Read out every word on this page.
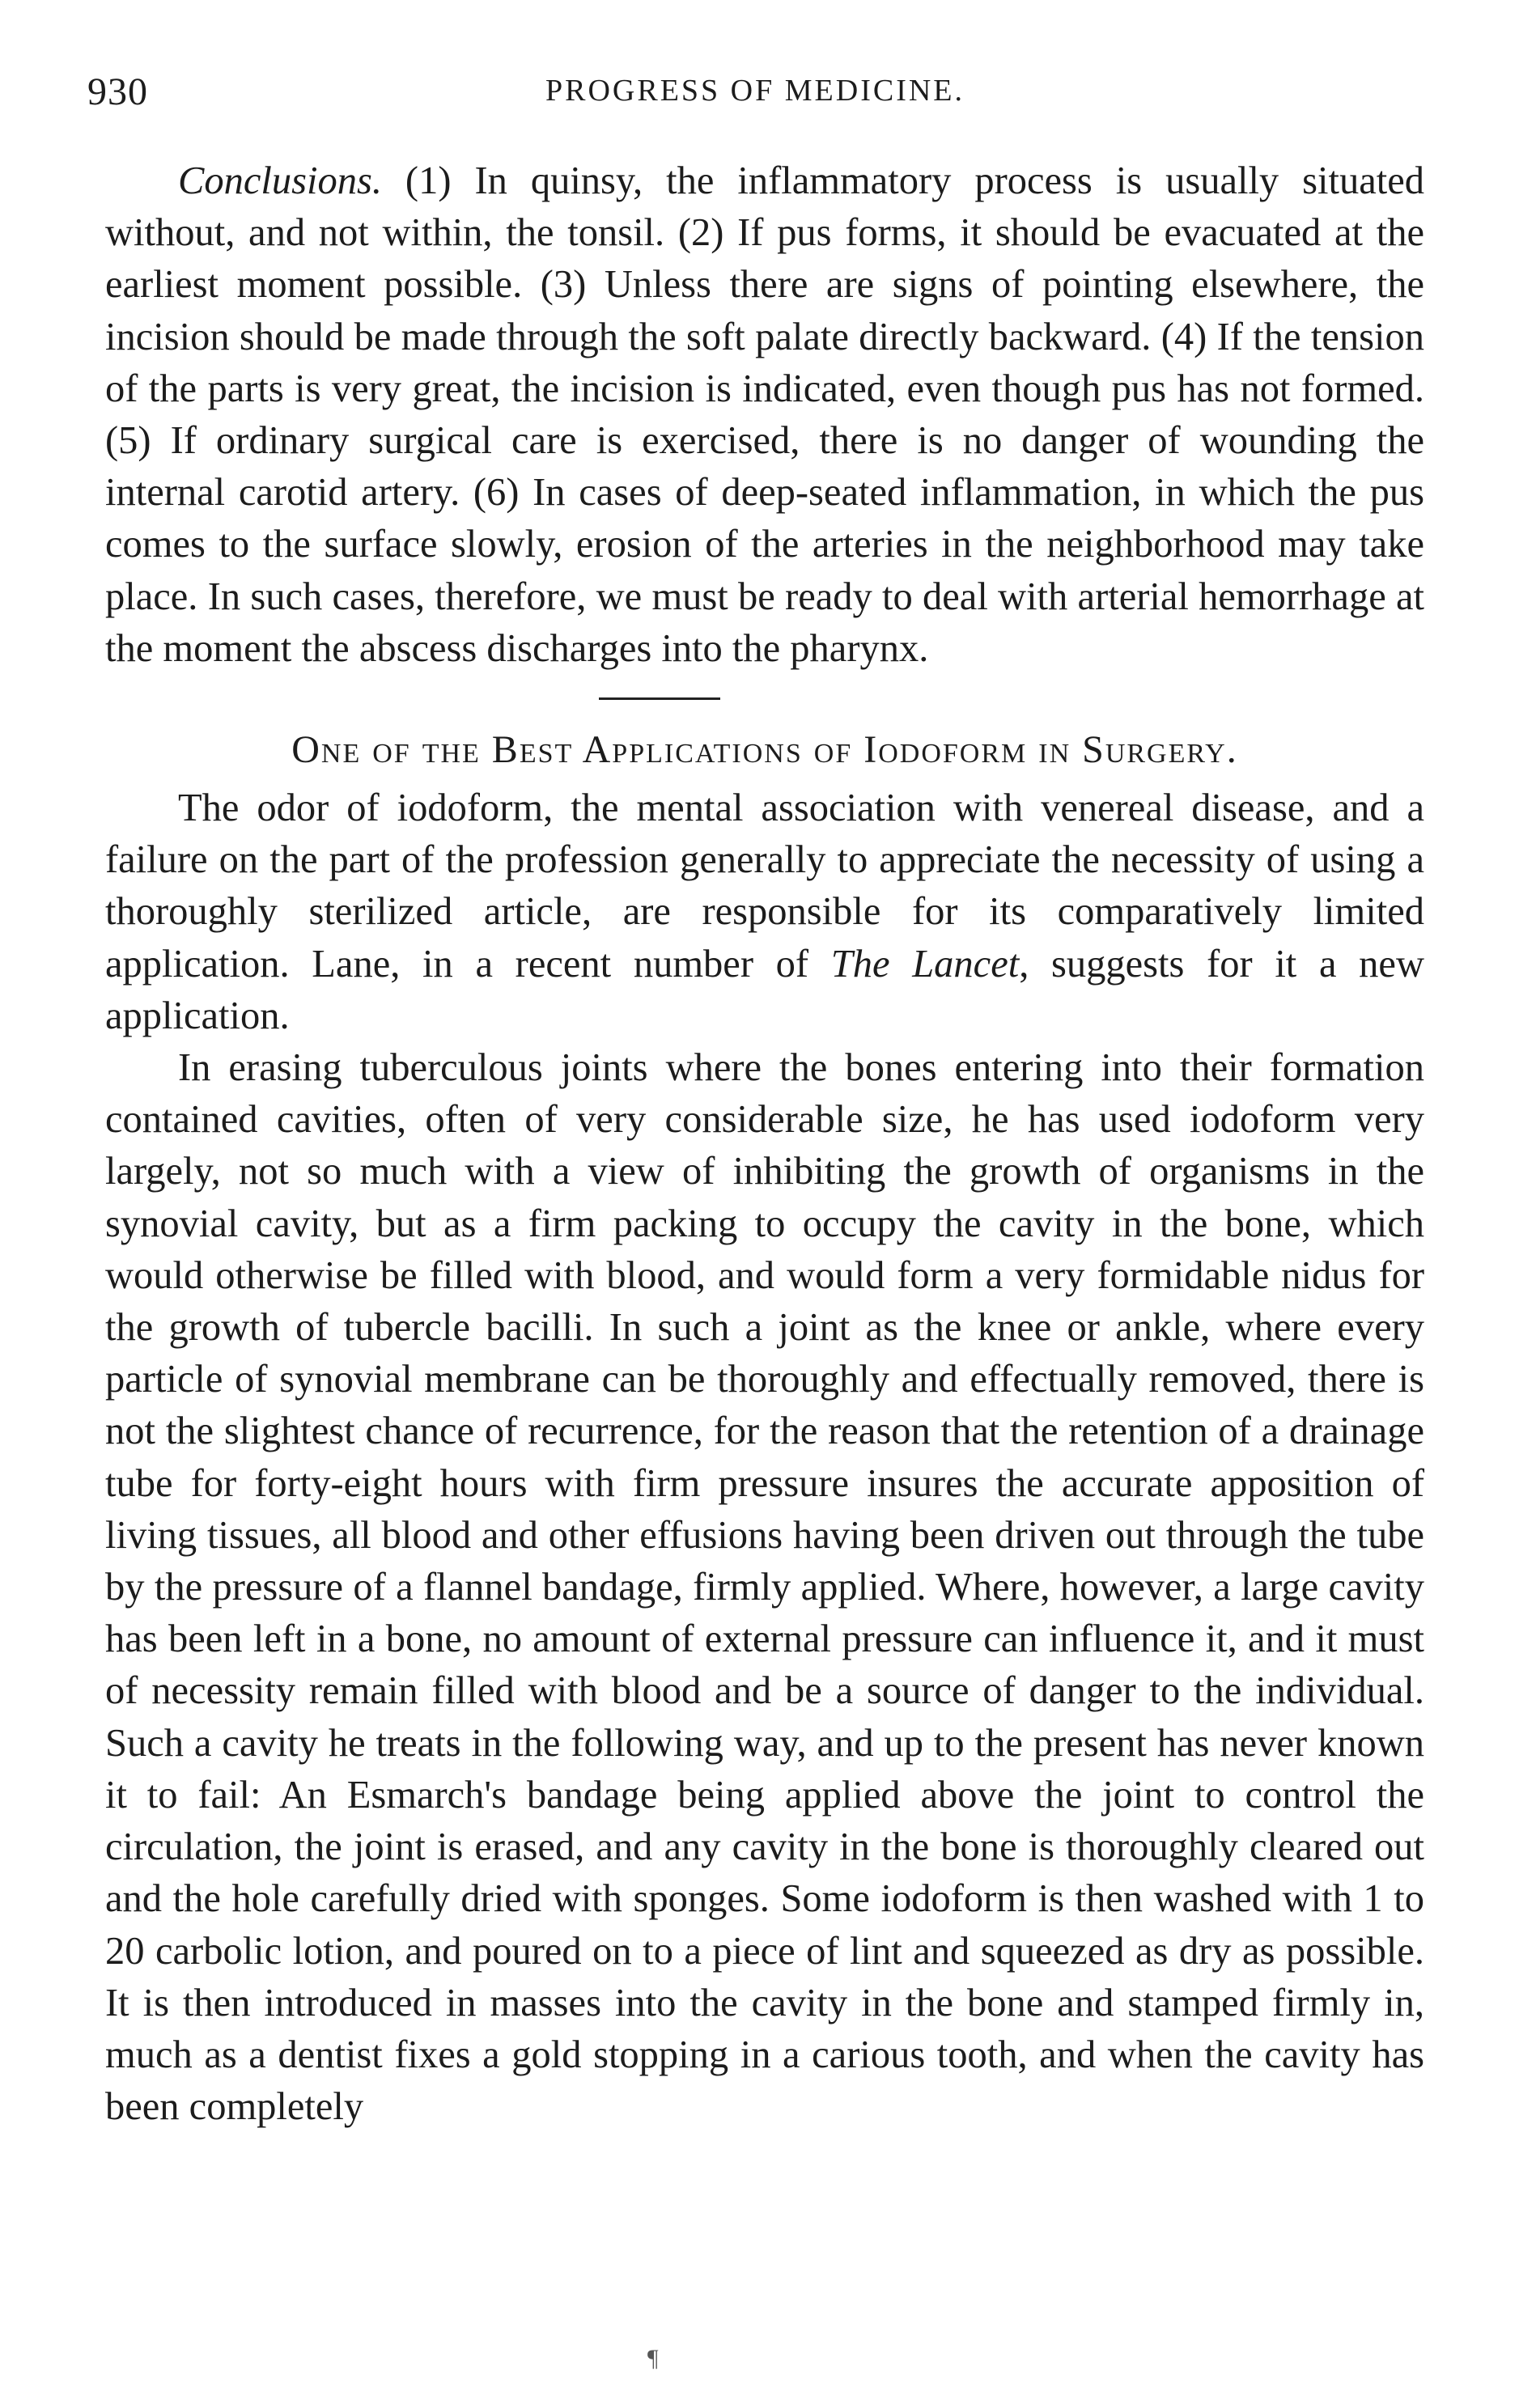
930	PROGRESS OF MEDICINE.

Conclusions. (1) In quinsy, the inflammatory process is usually situated without, and not within, the tonsil. (2) If pus forms, it should be evacuated at the earliest moment possible. (3) Unless there are signs of pointing elsewhere, the incision should be made through the soft palate directly backward. (4) If the tension of the parts is very great, the incision is indicated, even though pus has not formed. (5) If ordinary surgical care is exercised, there is no danger of wounding the internal carotid artery. (6) In cases of deep-seated inflammation, in which the pus comes to the surface slowly, erosion of the arteries in the neighborhood may take place. In such cases, therefore, we must be ready to deal with arterial hemorrhage at the moment the abscess discharges into the pharynx.

One of the Best Applications of Iodoform in Surgery.

The odor of iodoform, the mental association with venereal disease, and a failure on the part of the profession generally to appreciate the necessity of using a thoroughly sterilized article, are responsible for its comparatively limited application. Lane, in a recent number of The Lancet, suggests for it a new application.

In erasing tuberculous joints where the bones entering into their formation contained cavities, often of very considerable size, he has used iodoform very largely, not so much with a view of inhibiting the growth of organisms in the synovial cavity, but as a firm packing to occupy the cavity in the bone, which would otherwise be filled with blood, and would form a very formidable nidus for the growth of tubercle bacilli. In such a joint as the knee or ankle, where every particle of synovial membrane can be thoroughly and effectually removed, there is not the slightest chance of recurrence, for the reason that the retention of a drainage tube for forty-eight hours with firm pressure insures the accurate apposition of living tissues, all blood and other effusions having been driven out through the tube by the pressure of a flannel bandage, firmly applied. Where, however, a large cavity has been left in a bone, no amount of external pressure can influence it, and it must of necessity remain filled with blood and be a source of danger to the individual. Such a cavity he treats in the following way, and up to the present has never known it to fail: An Esmarch's bandage being applied above the joint to control the circulation, the joint is erased, and any cavity in the bone is thoroughly cleared out and the hole carefully dried with sponges. Some iodoform is then washed with 1 to 20 carbolic lotion, and poured on to a piece of lint and squeezed as dry as possible. It is then introduced in masses into the cavity in the bone and stamped firmly in, much as a dentist fixes a gold stopping in a carious tooth, and when the cavity has been completely

¶
